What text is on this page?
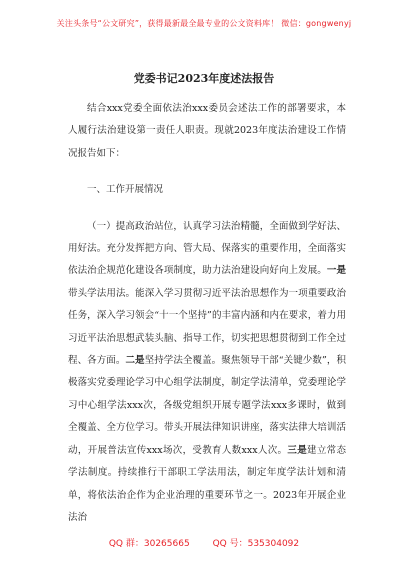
关注头条号“公文研究”，获得最新最全最专业的公文资料库！ 微信：gongwenyj
党委书记2023年度述法报告

结合xxx党委全面依法治xxx委员会述法工作的部署要求，本人履行法治建设第一责任人职责。现就2023年度法治建设工作情况报告如下：

一、工作开展情况

（一）提高政治站位，认真学习法治精髓，全面做到学好法、用好法。充分发挥把方向、管大局、保落实的重要作用，全面落实依法治企规范化建设各项制度，助力法治建设向好向上发展。一是带头学法用法。能深入学习贯彻习近平法治思想作为一项重要政治任务，深入学习领会“十一个坚持”的丰富内涵和内在要求，着力用习近平法治思想武装头脑、指导工作，切实把思想贯彻到工作全过程、各方面。二是坚持学法全覆盖。聚焦领导干部“关键少数”，积极落实党委理论学习中心组学法制度，制定学法清单，党委理论学习中心组学法xxx次，各级党组织开展专题学法xxx多课时，做到全覆盖、全方位学习。带头开展法律知识讲座，落实法律大培训活动，开展普法宣传xxx场次，受教育人数xxx人次。三是建立常态学法制度。持续推行干部职工学法用法，制定年度学法计划和清单，将依法治企作为企业治理的重要环节之一。2023年开展企业法治

QQ 群：30265665	QQ 号：535304092
